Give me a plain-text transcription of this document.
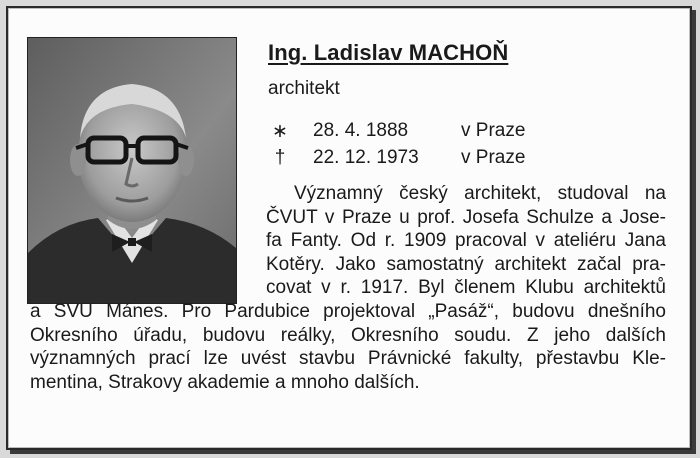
Ing. Ladislav MACHOŇ
architekt
∗ 28. 4. 1888	v Praze
† 22. 12. 1973 v Praze
Významný český architekt, studoval na
ČVUT v Praze u prof. Josefa Schulze a Jose-
fa Fanty. Od r. 1909 pracoval v ateliéru Jana
Kotěry. Jako samostatný architekt začal pra-
covat v r. 1917. Byl členem Klubu architektů
a SVU Mánes. Pro Pardubice projektoval „Pasáž“, budovu dnešního
Okresního úřadu, budovu reálky, Okresního soudu. Z jeho dalších
významných prací lze uvést stavbu Právnické fakulty, přestavbu Kle-
mentina, Strakovy akademie a mnoho dalších.
